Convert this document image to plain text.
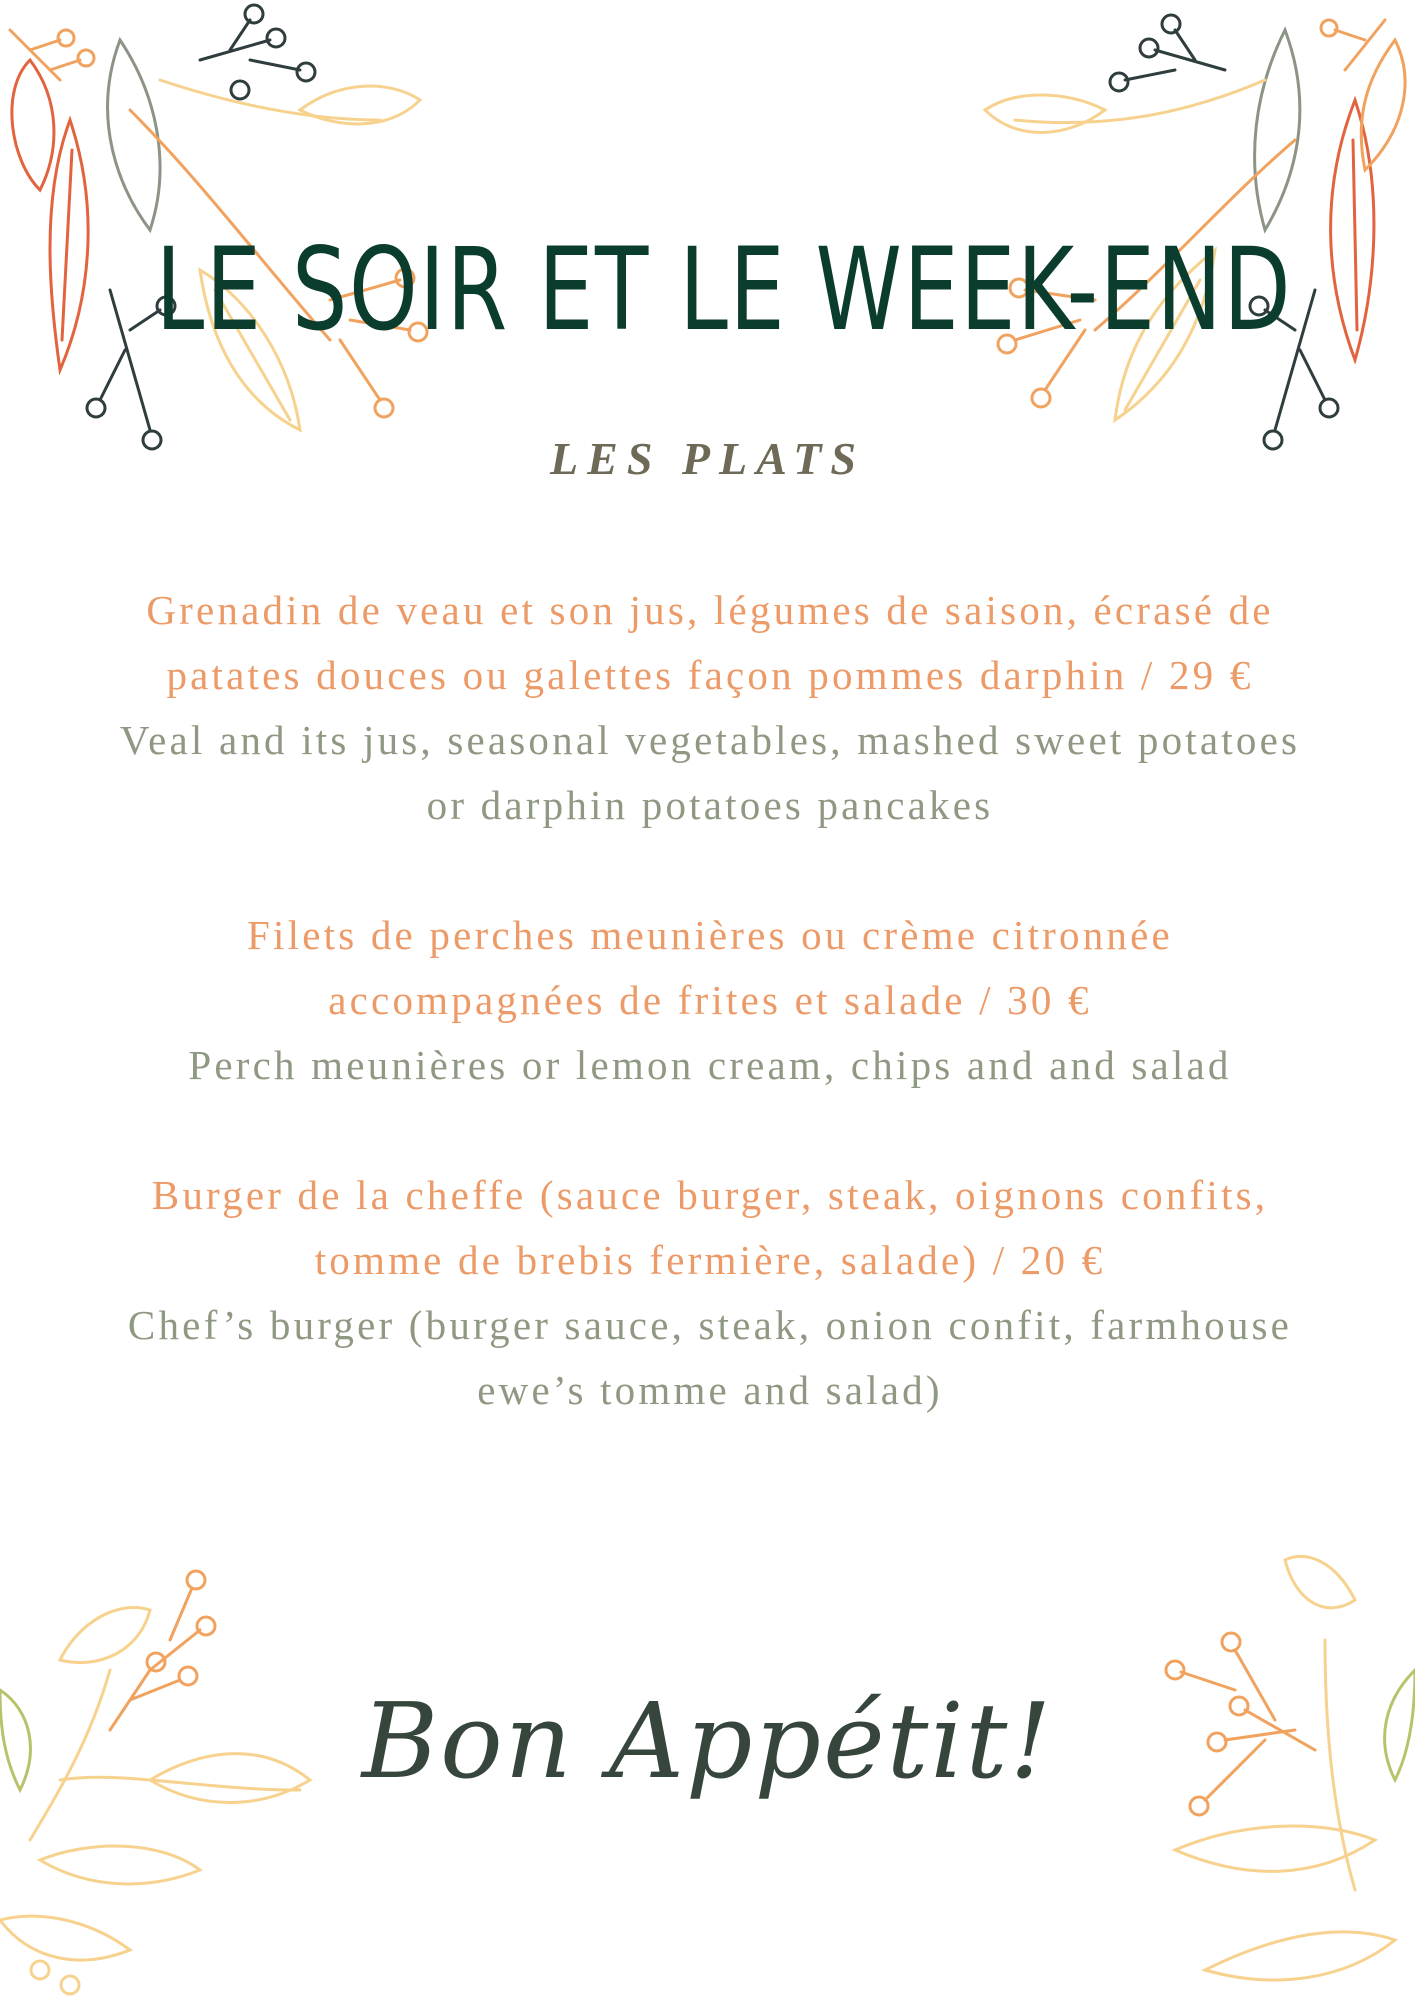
LE SOIR ET LE WEEK-END
LES PLATS
Grenadin de veau et son jus, légumes de saison, écrasé de patates douces ou galettes façon pommes darphin / 29 €
Veal and its jus, seasonal vegetables, mashed sweet potatoes or darphin potatoes pancakes
Filets de perches meunières ou crème citronnée accompagnées de frites et salade / 30 €
Perch meunières or lemon cream, chips and and salad
Burger de la cheffe (sauce burger, steak, oignons confits, tomme de brebis fermière, salade) / 20 €
Chef’s burger (burger sauce, steak, onion confit, farmhouse ewe’s tomme and salad)
Bon Appétit!
